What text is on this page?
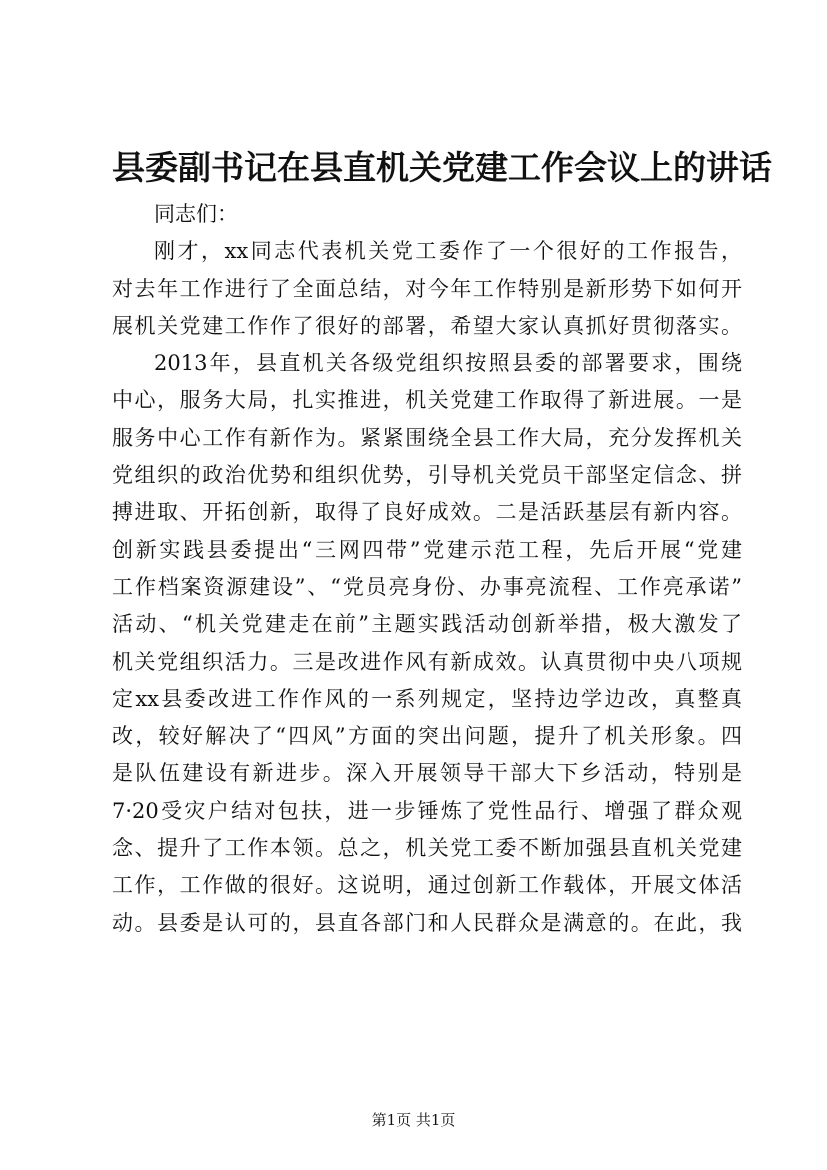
县委副书记在县直机关党建工作会议上的讲话
同志们：
刚才，xx同志代表机关党工委作了一个很好的工作报告，
对去年工作进行了全面总结，对今年工作特别是新形势下如何开
展机关党建工作作了很好的部署，希望大家认真抓好贯彻落实。
2013年，县直机关各级党组织按照县委的部署要求，围绕
中心，服务大局，扎实推进，机关党建工作取得了新进展。一是
服务中心工作有新作为。紧紧围绕全县工作大局，充分发挥机关
党组织的政治优势和组织优势，引导机关党员干部坚定信念、拼
搏进取、开拓创新，取得了良好成效。二是活跃基层有新内容。
创新实践县委提出“三网四带”党建示范工程，先后开展“党建
工作档案资源建设”、“党员亮身份、办事亮流程、工作亮承诺”
活动、“机关党建走在前”主题实践活动创新举措，极大激发了
机关党组织活力。三是改进作风有新成效。认真贯彻中央八项规
定xx县委改进工作作风的一系列规定，坚持边学边改，真整真
改，较好解决了“四风”方面的突出问题，提升了机关形象。四
是队伍建设有新进步。深入开展领导干部大下乡活动，特别是
7·20受灾户结对包扶，进一步锤炼了党性品行、增强了群众观
念、提升了工作本领。总之，机关党工委不断加强县直机关党建
工作，工作做的很好。这说明，通过创新工作载体，开展文体活
动。县委是认可的，县直各部门和人民群众是满意的。在此，我
第1页 共1页
